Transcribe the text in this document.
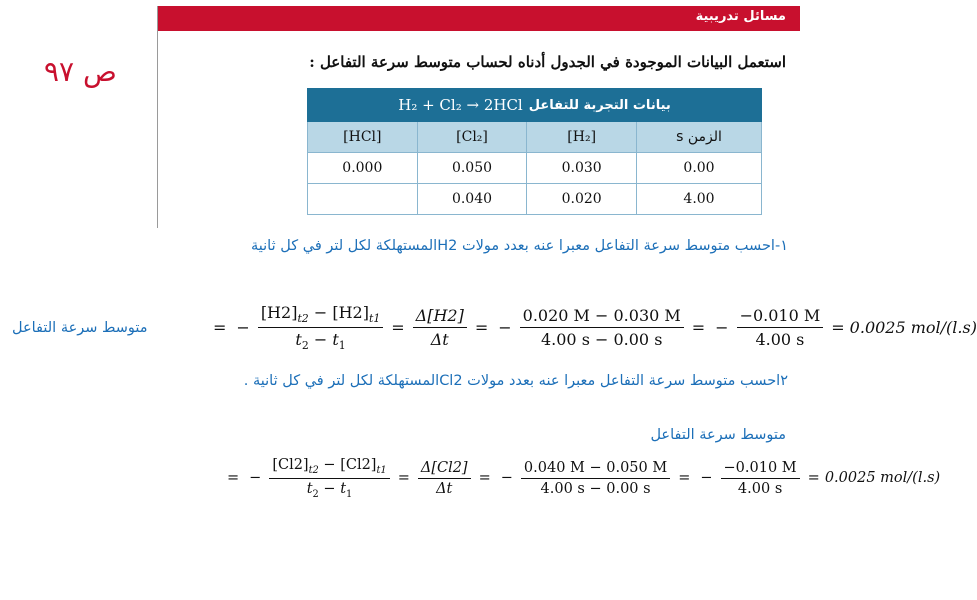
مسائل تدريبية
ص ٩٧	استعمل البيانات الموجودة في الجدول أدناه لحساب متوسط سرعة التفاعل :
H₂ + Cl₂ → 2HCl بيانات التجربة للتفاعل			

[HCl]	[Cl₂]	[H₂]	الزمن s
0.000	0.050	0.030	0.00
	0.040	0.020	4.00
١-احسب متوسط سرعة التفاعل معبرا عنه بعدد مولات H2المستهلكة لكل لتر في كل ثانية
متوسط سرعة التفاعل	= − $\frac{[H2]_{t2} - [H2]_{t1}}{t_2 - t_1} = \frac{\Delta[H2]}{\Delta t}$ = − $\frac{0.020 M - 0.030 M}{4.00 s - 0.00 s}$ = − $\frac{-0.010 M}{4.00 s} = 0.0025$ mol/(l.s)
٢احسب متوسط سرعة التفاعل معبرا عنه بعدد مولات Cl2المستهلكة لكل لتر في كل ثانية .
متوسط سرعة التفاعل
= − $\frac{[Cl2]_{t2} - [Cl2]_{t1}}{t_2 - t_1} = \frac{\Delta[Cl2]}{\Delta t}$ = − $\frac{0.040 M - 0.050 M}{4.00 s - 0.00 s}$ = − $\frac{-0.010 M}{4.00 s} = 0.0025$ mol/(l.s)
